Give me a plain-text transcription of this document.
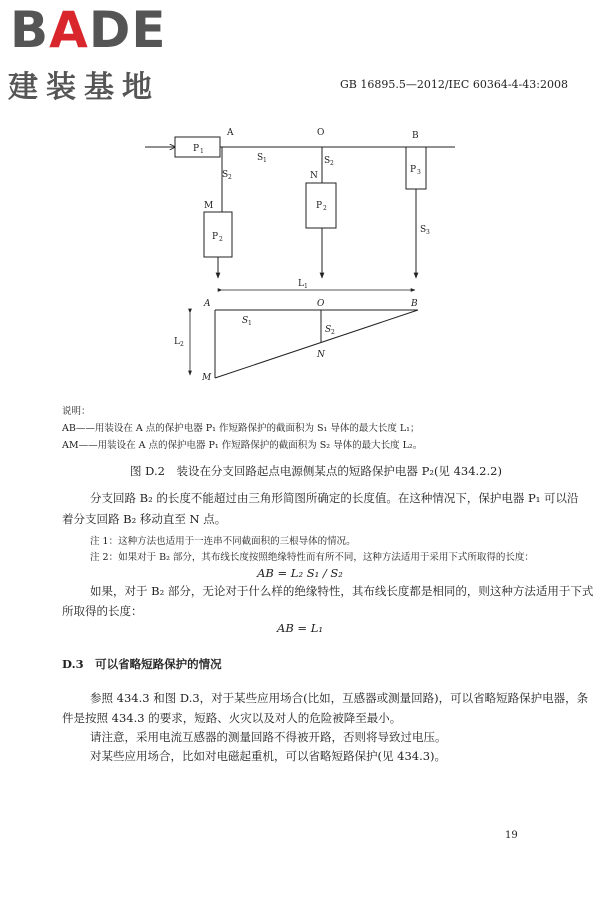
BADE
建装基地	GB 16895.5—2012/IEC 60364-4-43:2008
A	O	B
P 1
S 1
S 2
S 2
N
M
P 2
P 2
P 3
S 3
L 1
L 2
A	O	B
M
N
S 1
S 2
说明：
AB——用装设在 A 点的保护电器 P₁ 作短路保护的截面积为 S₁ 导体的最大长度 L₁；
AM——用装设在 A 点的保护电器 P₁ 作短路保护的截面积为 S₂ 导体的最大长度 L₂。
图 D.2　装设在分支回路起点电源侧某点的短路保护电器 P₂(见 434.2.2)
分支回路 B₂ 的长度不能超过由三角形简图所确定的长度值。在这种情况下，保护电器 P₁ 可以沿
着分支回路 B₂ 移动直至 N 点。
注 1：这种方法也适用于一连串不同截面积的三根导体的情况。
注 2：如果对于 B₂ 部分，其布线长度按照绝缘特性而有所不同，这种方法适用于采用下式所取得的长度：
AB = L₂ S₁ / S₂
如果，对于 B₂ 部分，无论对于什么样的绝缘特性，其布线长度都是相同的，则这种方法适用于下式
所取得的长度：
AB = L₁
D.3　可以省略短路保护的情况
参照 434.3 和图 D.3，对于某些应用场合(比如，互感器或测量回路)，可以省略短路保护电器，条
件是按照 434.3 的要求，短路、火灾以及对人的危险被降至最小。
请注意，采用电流互感器的测量回路不得被开路，否则将导致过电压。
对某些应用场合，比如对电磁起重机，可以省略短路保护(见 434.3)。
19
